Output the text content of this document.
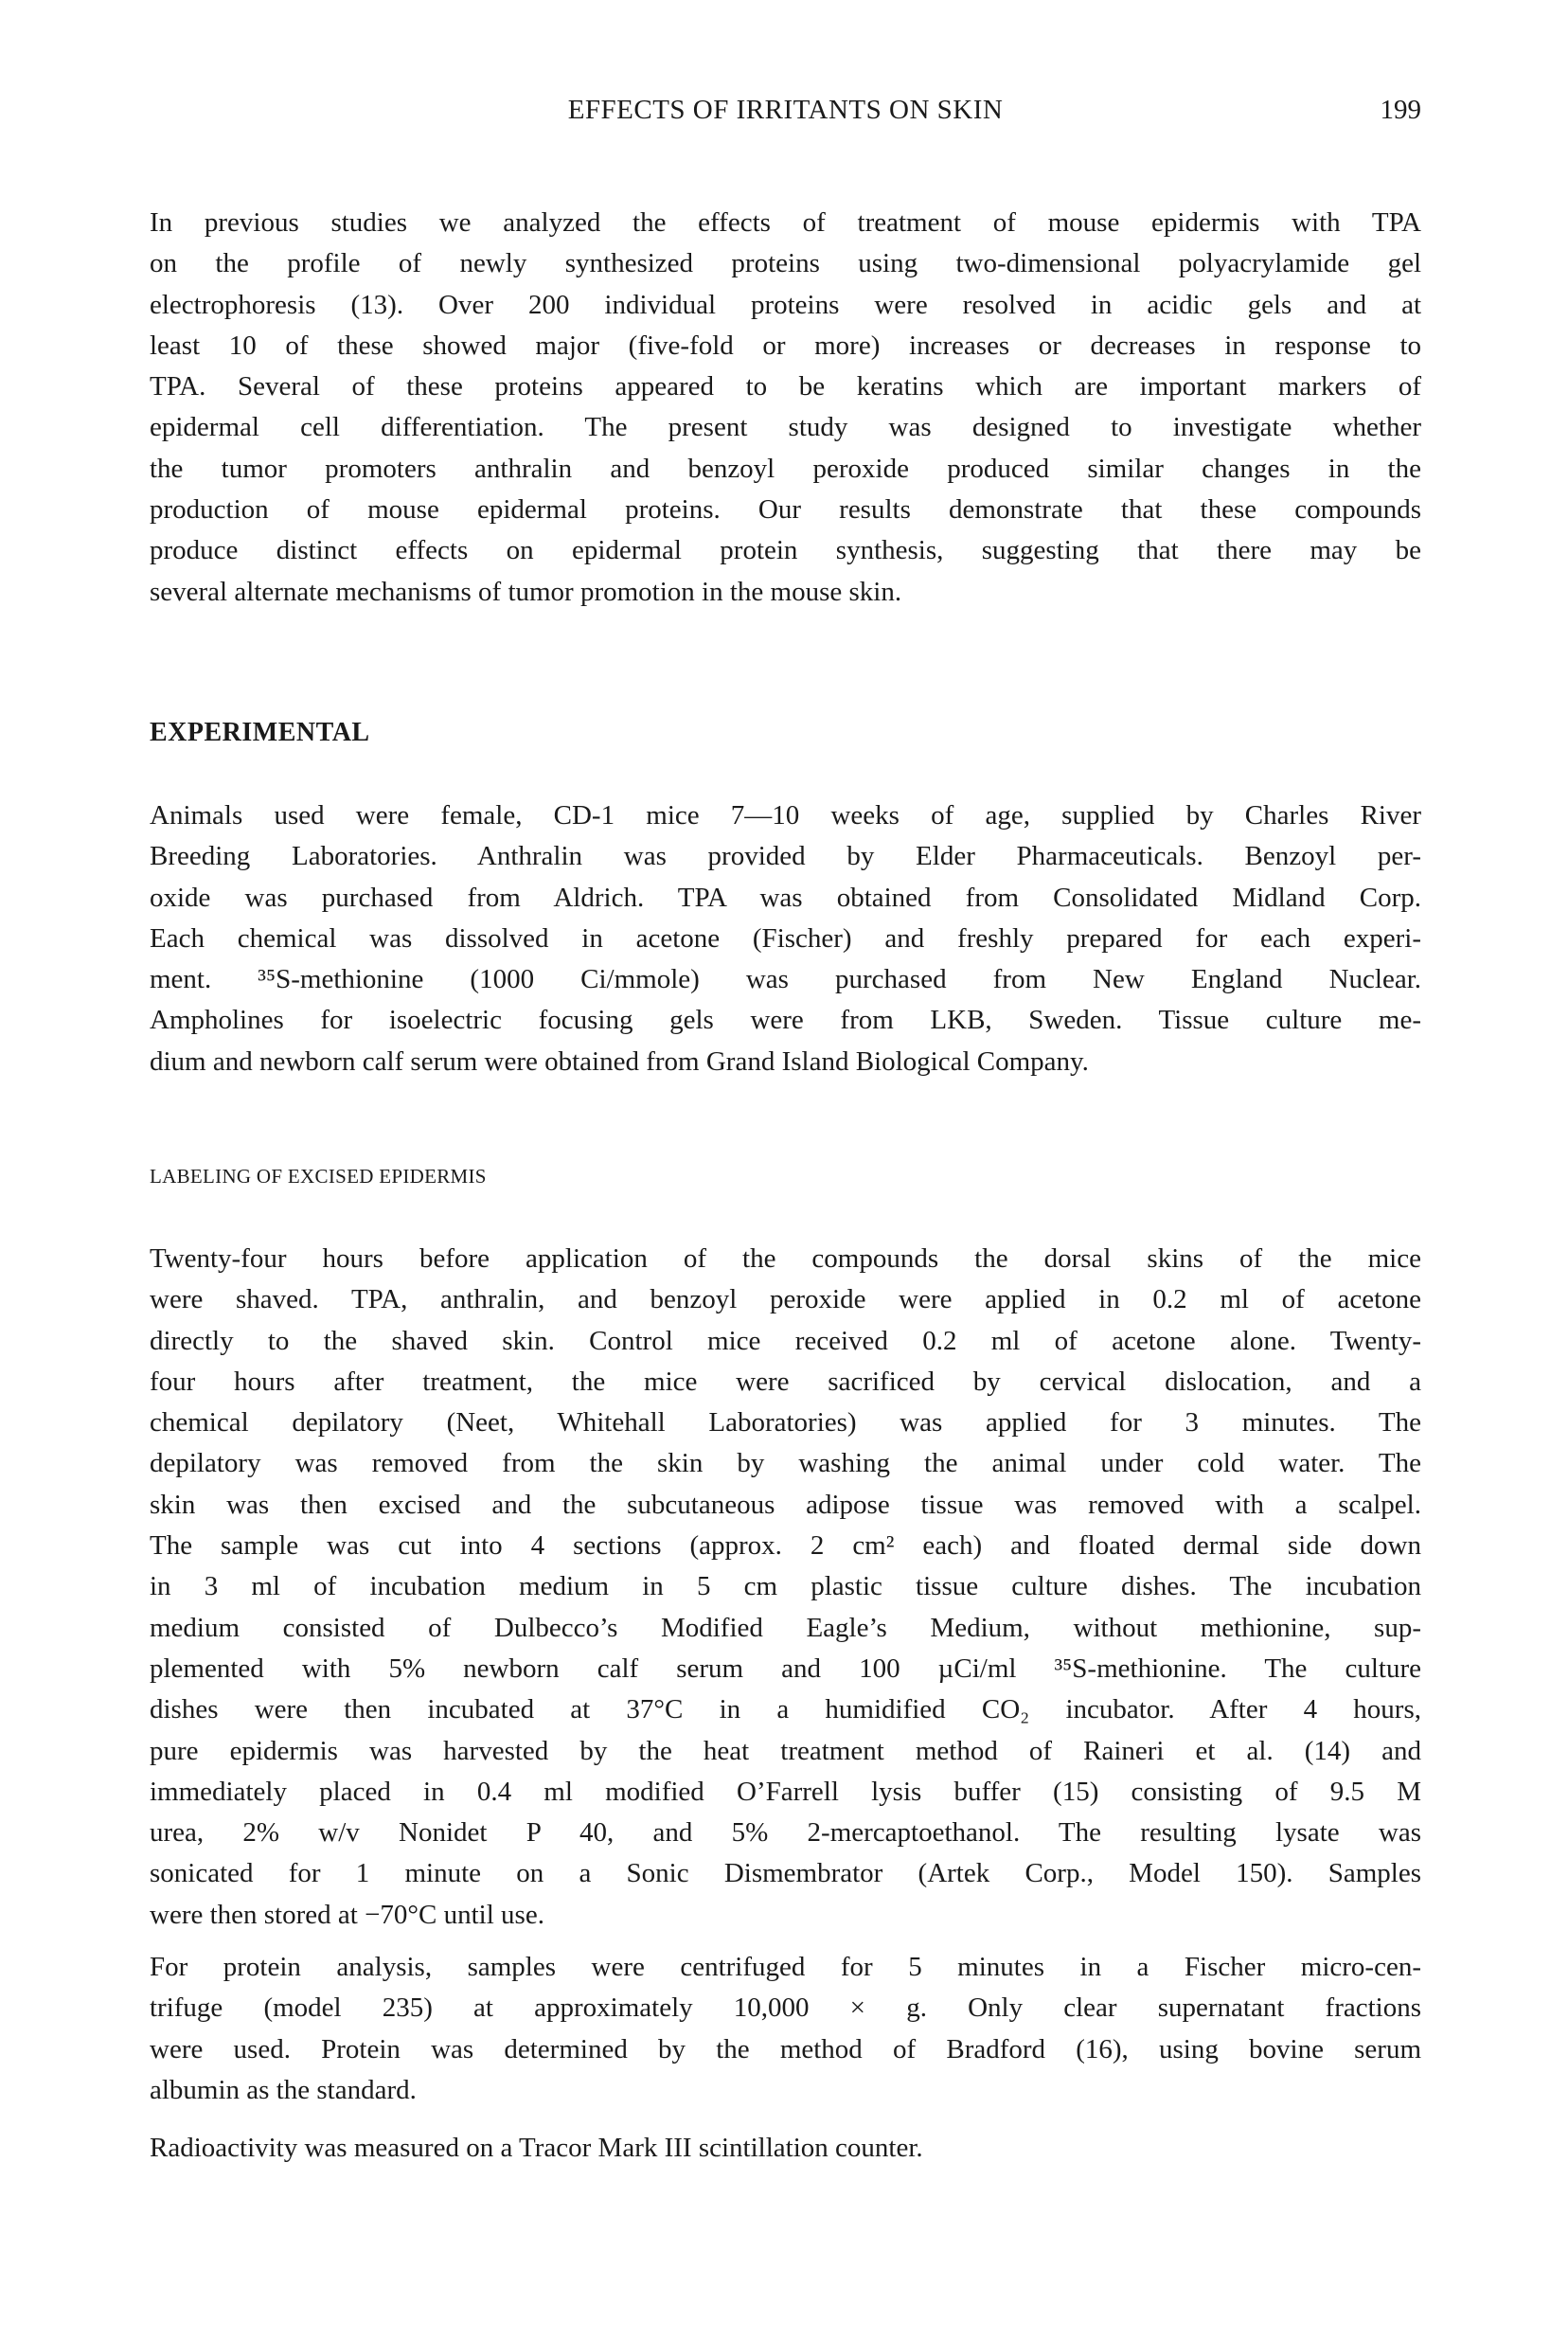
EFFECTS OF IRRITANTS ON SKIN	199
In previous studies we analyzed the effects of treatment of mouse epidermis with TPA
on the profile of newly synthesized proteins using two-dimensional polyacrylamide gel
electrophoresis (13). Over 200 individual proteins were resolved in acidic gels and at
least 10 of these showed major (five-fold or more) increases or decreases in response to
TPA. Several of these proteins appeared to be keratins which are important markers of
epidermal cell differentiation. The present study was designed to investigate whether
the tumor promoters anthralin and benzoyl peroxide produced similar changes in the
production of mouse epidermal proteins. Our results demonstrate that these compounds
produce distinct effects on epidermal protein synthesis, suggesting that there may be
several alternate mechanisms of tumor promotion in the mouse skin.
EXPERIMENTAL
Animals used were female, CD-1 mice 7—10 weeks of age, supplied by Charles River
Breeding Laboratories. Anthralin was provided by Elder Pharmaceuticals. Benzoyl per-
oxide was purchased from Aldrich. TPA was obtained from Consolidated Midland Corp.
Each chemical was dissolved in acetone (Fischer) and freshly prepared for each experi-
ment. ³⁵S-methionine (1000 Ci/mmole) was purchased from New England Nuclear.
Ampholines for isoelectric focusing gels were from LKB, Sweden. Tissue culture me-
dium and newborn calf serum were obtained from Grand Island Biological Company.
LABELING OF EXCISED EPIDERMIS
Twenty-four hours before application of the compounds the dorsal skins of the mice
were shaved. TPA, anthralin, and benzoyl peroxide were applied in 0.2 ml of acetone
directly to the shaved skin. Control mice received 0.2 ml of acetone alone. Twenty-
four hours after treatment, the mice were sacrificed by cervical dislocation, and a
chemical depilatory (Neet, Whitehall Laboratories) was applied for 3 minutes. The
depilatory was removed from the skin by washing the animal under cold water. The
skin was then excised and the subcutaneous adipose tissue was removed with a scalpel.
The sample was cut into 4 sections (approx. 2 cm² each) and floated dermal side down
in 3 ml of incubation medium in 5 cm plastic tissue culture dishes. The incubation
medium consisted of Dulbecco’s Modified Eagle’s Medium, without methionine, sup-
plemented with 5% newborn calf serum and 100 µCi/ml ³⁵S-methionine. The culture
dishes were then incubated at 37°C in a humidified CO₂ incubator. After 4 hours,
pure epidermis was harvested by the heat treatment method of Raineri et al. (14) and
immediately placed in 0.4 ml modified O’Farrell lysis buffer (15) consisting of 9.5 M
urea, 2% w/v Nonidet P 40, and 5% 2-mercaptoethanol. The resulting lysate was
sonicated for 1 minute on a Sonic Dismembrator (Artek Corp., Model 150). Samples
were then stored at −70°C until use.
For protein analysis, samples were centrifuged for 5 minutes in a Fischer micro-cen-
trifuge (model 235) at approximately 10,000 × g. Only clear supernatant fractions
were used. Protein was determined by the method of Bradford (16), using bovine serum
albumin as the standard.
Radioactivity was measured on a Tracor Mark III scintillation counter.
